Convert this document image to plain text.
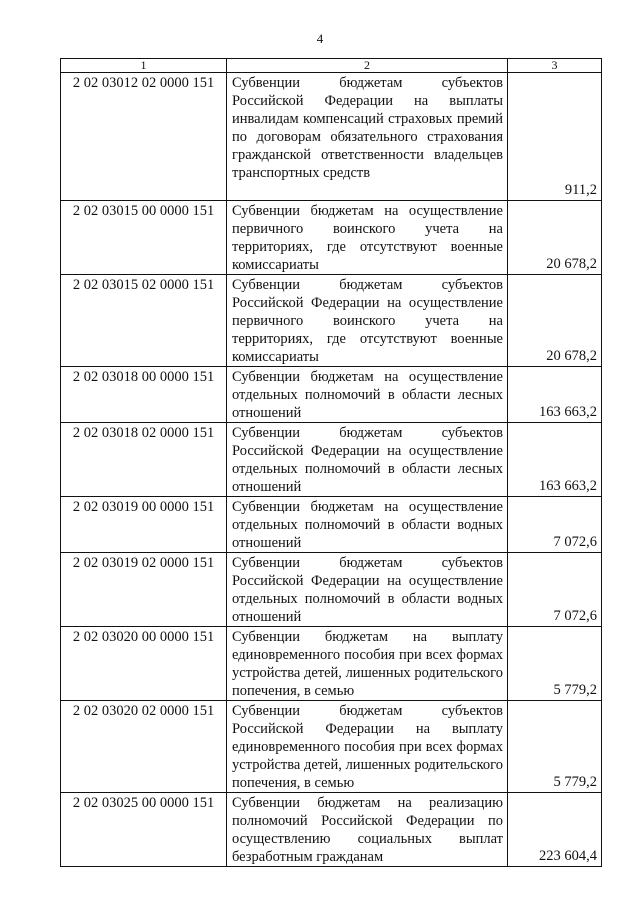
4
1	2	3
2 02 03012 02 0000 151	Субвенции бюджетам субъектов Российской Федерации на выплаты инвалидам компенсаций страховых премий по договорам обязательного страхования гражданской ответственности владельцев транспортных средств	911,2
2 02 03015 00 0000 151	Субвенции бюджетам на осуществление первичного воинского учета на территориях, где отсутствуют военные комиссариаты	20 678,2
2 02 03015 02 0000 151	Субвенции бюджетам субъектов Российской Федерации на осуществление первичного воинского учета на территориях, где отсутствуют военные комиссариаты	20 678,2
2 02 03018 00 0000 151	Субвенции бюджетам на осуществление отдельных полномочий в области лесных отношений	163 663,2
2 02 03018 02 0000 151	Субвенции бюджетам субъектов Российской Федерации на осуществление отдельных полномочий в области лесных отношений	163 663,2
2 02 03019 00 0000 151	Субвенции бюджетам на осуществление отдельных полномочий в области водных отношений	7 072,6
2 02 03019 02 0000 151	Субвенции бюджетам субъектов Российской Федерации на осуществление отдельных полномочий в области водных отношений	7 072,6
2 02 03020 00 0000 151	Субвенции бюджетам на выплату единовременного пособия при всех формах устройства детей, лишенных родительского попечения, в семью	5 779,2
2 02 03020 02 0000 151	Субвенции бюджетам субъектов Российской Федерации на выплату единовременного пособия при всех формах устройства детей, лишенных родительского попечения, в семью	5 779,2
2 02 03025 00 0000 151	Субвенции бюджетам на реализацию полномочий Российской Федерации по осуществлению социальных выплат безработным гражданам	223 604,4
